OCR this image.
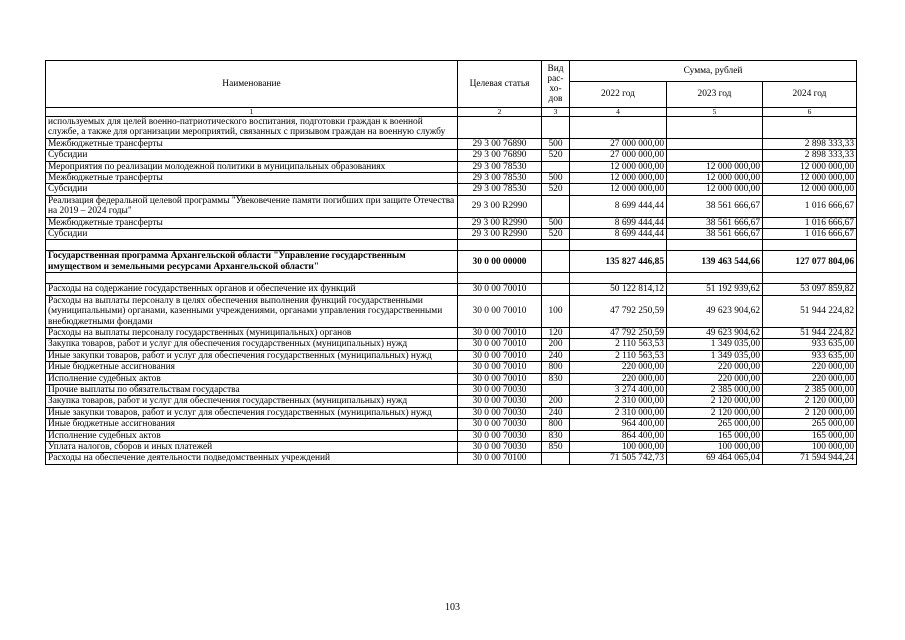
Наименование	Целевая статья	Вид рас-хо-дов	Сумма, рублей		
			2022 год	2023 год	2024 год
1	2	3	4	5	6
используемых для целей военно-патриотического воспитания, подготовки граждан к военной службе, а также для организации мероприятий, связанных с призывом граждан на военную службу					
Межбюджетные трансферты	29 3 00 76890	500	27 000 000,00		2 898 333,33
Субсидии	29 3 00 76890	520	27 000 000,00		2 898 333,33
Мероприятия по реализации молодежной политики в муниципальных образованиях	29 3 00 78530		12 000 000,00	12 000 000,00	12 000 000,00
Межбюджетные трансферты	29 3 00 78530	500	12 000 000,00	12 000 000,00	12 000 000,00
Субсидии	29 3 00 78530	520	12 000 000,00	12 000 000,00	12 000 000,00
Реализация федеральной целевой программы "Увековечение памяти погибших при защите Отечества на 2019 – 2024 годы"	29 3 00 R2990		8 699 444,44	38 561 666,67	1 016 666,67
Межбюджетные трансферты	29 3 00 R2990	500	8 699 444,44	38 561 666,67	1 016 666,67
Субсидии	29 3 00 R2990	520	8 699 444,44	38 561 666,67	1 016 666,67

Государственная программа Архангельской области "Управление государственным имуществом и земельными ресурсами Архангельской области"	30 0 00 00000		135 827 446,85	139 463 544,66	127 077 804,06

Расходы на содержание государственных органов и обеспечение их функций	30 0 00 70010		50 122 814,12	51 192 939,62	53 097 859,82
Расходы на выплаты персоналу в целях обеспечения выполнения функций государственными (муниципальными) органами, казенными учреждениями, органами управления государственными внебюджетными фондами	30 0 00 70010	100	47 792 250,59	49 623 904,62	51 944 224,82
Расходы на выплаты персоналу государственных (муниципальных) органов	30 0 00 70010	120	47 792 250,59	49 623 904,62	51 944 224,82
Закупка товаров, работ и услуг для обеспечения государственных (муниципальных) нужд	30 0 00 70010	200	2 110 563,53	1 349 035,00	933 635,00
Иные закупки товаров, работ и услуг для обеспечения государственных (муниципальных) нужд	30 0 00 70010	240	2 110 563,53	1 349 035,00	933 635,00
Иные бюджетные ассигнования	30 0 00 70010	800	220 000,00	220 000,00	220 000,00
Исполнение судебных актов	30 0 00 70010	830	220 000,00	220 000,00	220 000,00
Прочие выплаты по обязательствам государства	30 0 00 70030		3 274 400,00	2 385 000,00	2 385 000,00
Закупка товаров, работ и услуг для обеспечения государственных (муниципальных) нужд	30 0 00 70030	200	2 310 000,00	2 120 000,00	2 120 000,00
Иные закупки товаров, работ и услуг для обеспечения государственных (муниципальных) нужд	30 0 00 70030	240	2 310 000,00	2 120 000,00	2 120 000,00
Иные бюджетные ассигнования	30 0 00 70030	800	964 400,00	265 000,00	265 000,00
Исполнение судебных актов	30 0 00 70030	830	864 400,00	165 000,00	165 000,00
Уплата налогов, сборов и иных платежей	30 0 00 70030	850	100 000,00	100 000,00	100 000,00
Расходы на обеспечение деятельности подведомственных учреждений	30 0 00 70100		71 505 742,73	69 464 065,04	71 594 944,24
103
